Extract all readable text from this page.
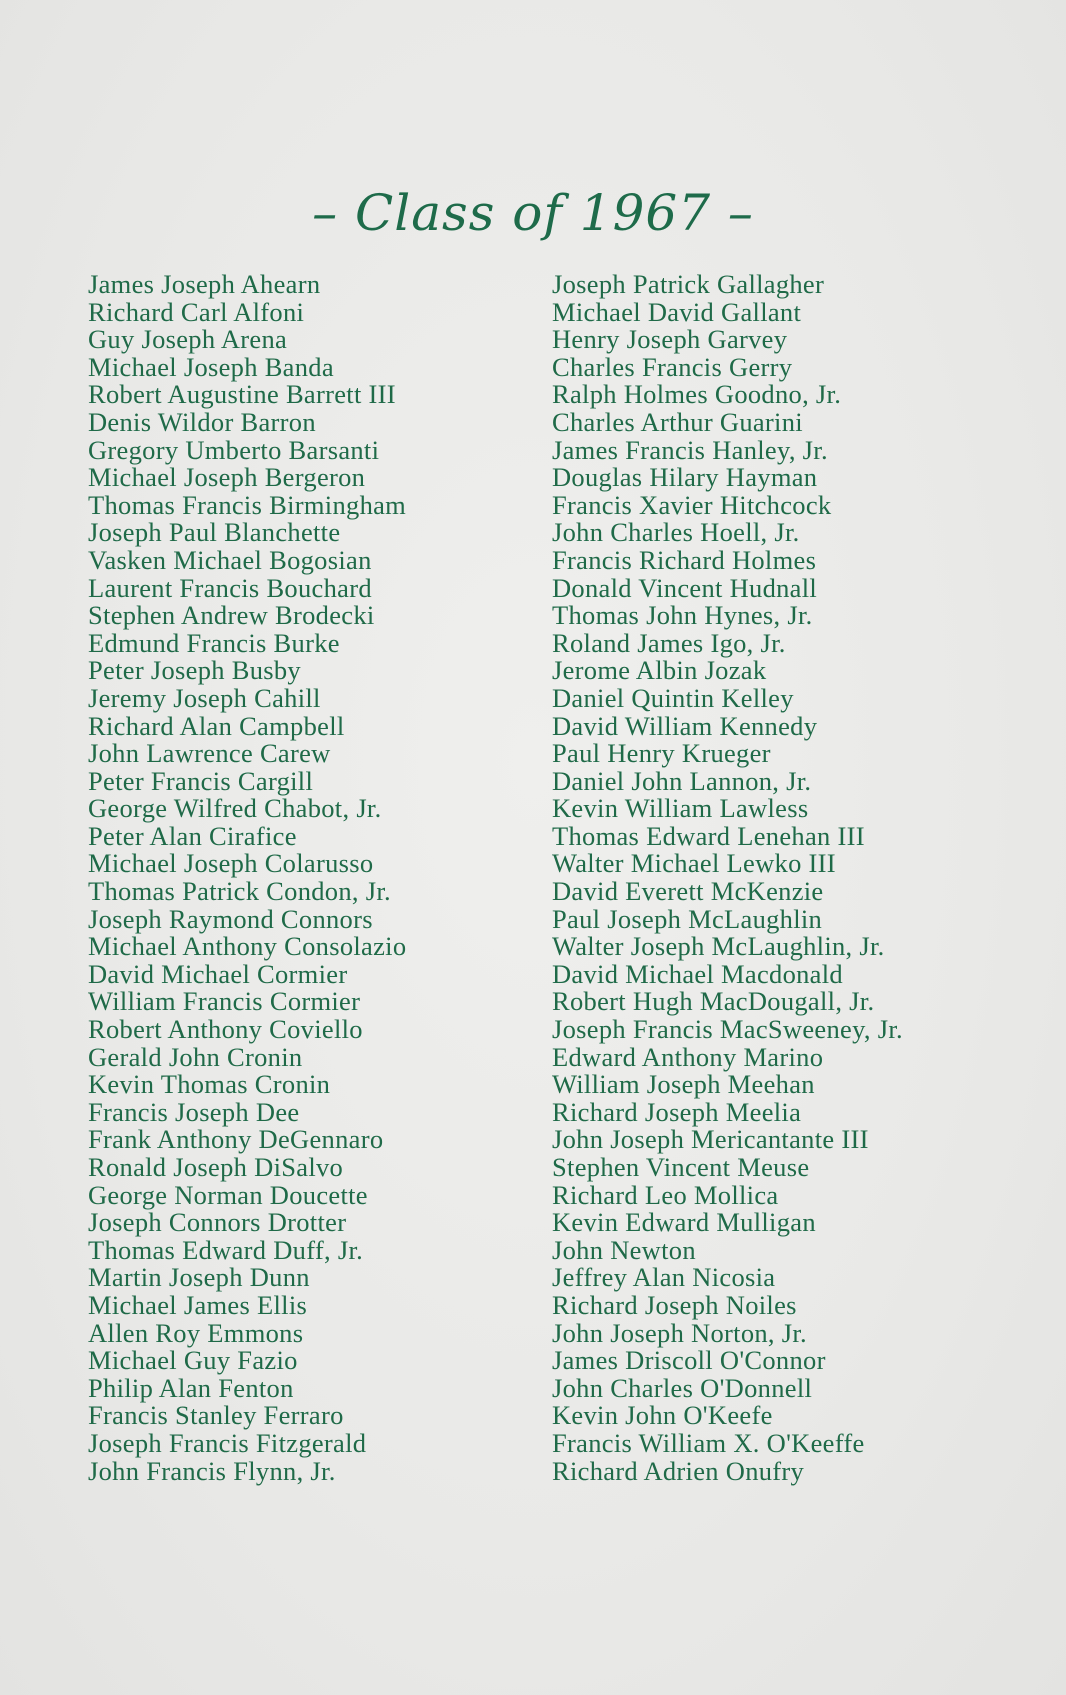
– Class of 1967 –
James Joseph Ahearn
Richard Carl Alfoni
Guy Joseph Arena
Michael Joseph Banda
Robert Augustine Barrett III
Denis Wildor Barron
Gregory Umberto Barsanti
Michael Joseph Bergeron
Thomas Francis Birmingham
Joseph Paul Blanchette
Vasken Michael Bogosian
Laurent Francis Bouchard
Stephen Andrew Brodecki
Edmund Francis Burke
Peter Joseph Busby
Jeremy Joseph Cahill
Richard Alan Campbell
John Lawrence Carew
Peter Francis Cargill
George Wilfred Chabot, Jr.
Peter Alan Cirafice
Michael Joseph Colarusso
Thomas Patrick Condon, Jr.
Joseph Raymond Connors
Michael Anthony Consolazio
David Michael Cormier
William Francis Cormier
Robert Anthony Coviello
Gerald John Cronin
Kevin Thomas Cronin
Francis Joseph Dee
Frank Anthony DeGennaro
Ronald Joseph DiSalvo
George Norman Doucette
Joseph Connors Drotter
Thomas Edward Duff, Jr.
Martin Joseph Dunn
Michael James Ellis
Allen Roy Emmons
Michael Guy Fazio
Philip Alan Fenton
Francis Stanley Ferraro
Joseph Francis Fitzgerald
John Francis Flynn, Jr.
Joseph Patrick Gallagher
Michael David Gallant
Henry Joseph Garvey
Charles Francis Gerry
Ralph Holmes Goodno, Jr.
Charles Arthur Guarini
James Francis Hanley, Jr.
Douglas Hilary Hayman
Francis Xavier Hitchcock
John Charles Hoell, Jr.
Francis Richard Holmes
Donald Vincent Hudnall
Thomas John Hynes, Jr.
Roland James Igo, Jr.
Jerome Albin Jozak
Daniel Quintin Kelley
David William Kennedy
Paul Henry Krueger
Daniel John Lannon, Jr.
Kevin William Lawless
Thomas Edward Lenehan III
Walter Michael Lewko III
David Everett McKenzie
Paul Joseph McLaughlin
Walter Joseph McLaughlin, Jr.
David Michael Macdonald
Robert Hugh MacDougall, Jr.
Joseph Francis MacSweeney, Jr.
Edward Anthony Marino
William Joseph Meehan
Richard Joseph Meelia
John Joseph Mericantante III
Stephen Vincent Meuse
Richard Leo Mollica
Kevin Edward Mulligan
John Newton
Jeffrey Alan Nicosia
Richard Joseph Noiles
John Joseph Norton, Jr.
James Driscoll O'Connor
John Charles O'Donnell
Kevin John O'Keefe
Francis William X. O'Keeffe
Richard Adrien Onufry
